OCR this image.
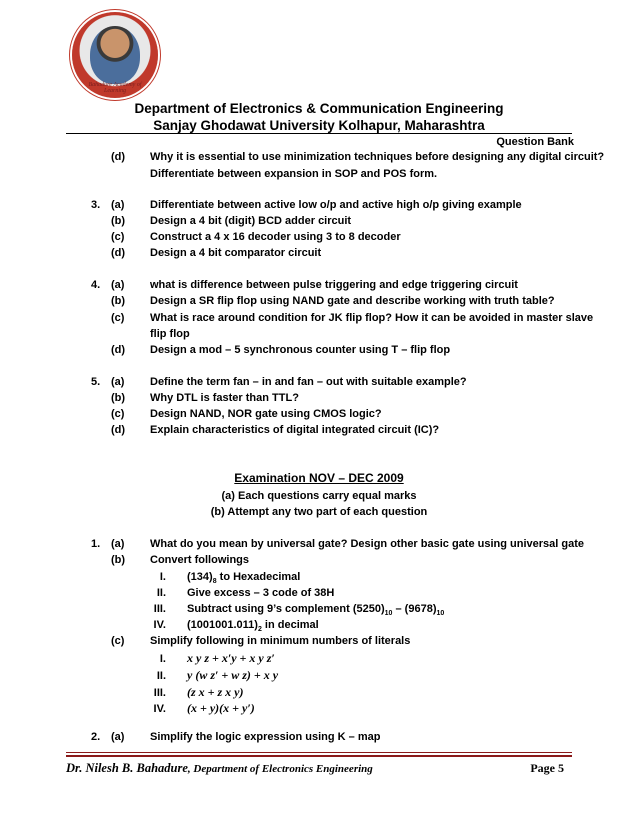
Bahadure Academy of Learning
Department of Electronics & Communication Engineering
Sanjay Ghodawat University Kolhapur, Maharashtra
Question Bank
(d) Why it is essential to use minimization techniques before designing any digital circuit?
Differentiate between expansion in SOP and POS form.
3. (a) Differentiate between active low o/p and active high o/p giving example
(b) Design a 4 bit (digit) BCD adder circuit
(c) Construct a 4 x 16 decoder using 3 to 8 decoder
(d) Design a 4 bit comparator circuit
4. (a) what is difference between pulse triggering and edge triggering circuit
(b) Design a SR flip flop using NAND gate and describe working with truth table?
(c) What is race around condition for JK flip flop? How it can be avoided in master slave
flip flop
(d) Design a mod – 5 synchronous counter using T – flip flop
5. (a) Define the term fan – in and fan – out with suitable example?
(b) Why DTL is faster than TTL?
(c) Design NAND, NOR gate using CMOS logic?
(d) Explain characteristics of digital integrated circuit (IC)?
Examination NOV – DEC 2009
(a) Each questions carry equal marks
(b) Attempt any two part of each question
1. (a) What do you mean by universal gate? Design other basic gate using universal gate
(b) Convert followings
I. $(134)_8$ to Hexadecimal
II. Give excess – 3 code of 38H
III. Subtract using 9’s complement $(5250)_{10} - (9678)_{10}$
IV. $(1001001.011)_2$ in decimal
(c) Simplify following in minimum numbers of literals
I. x y z + x′y + x y z′
II. y (w z′ + w z) + x y
III. (z x + z x y)
IV. (x + y)(x + y′)
2. (a) Simplify the logic expression using K – map
Dr. Nilesh B. Bahadure, Department of Electronics Engineering	Page 5
